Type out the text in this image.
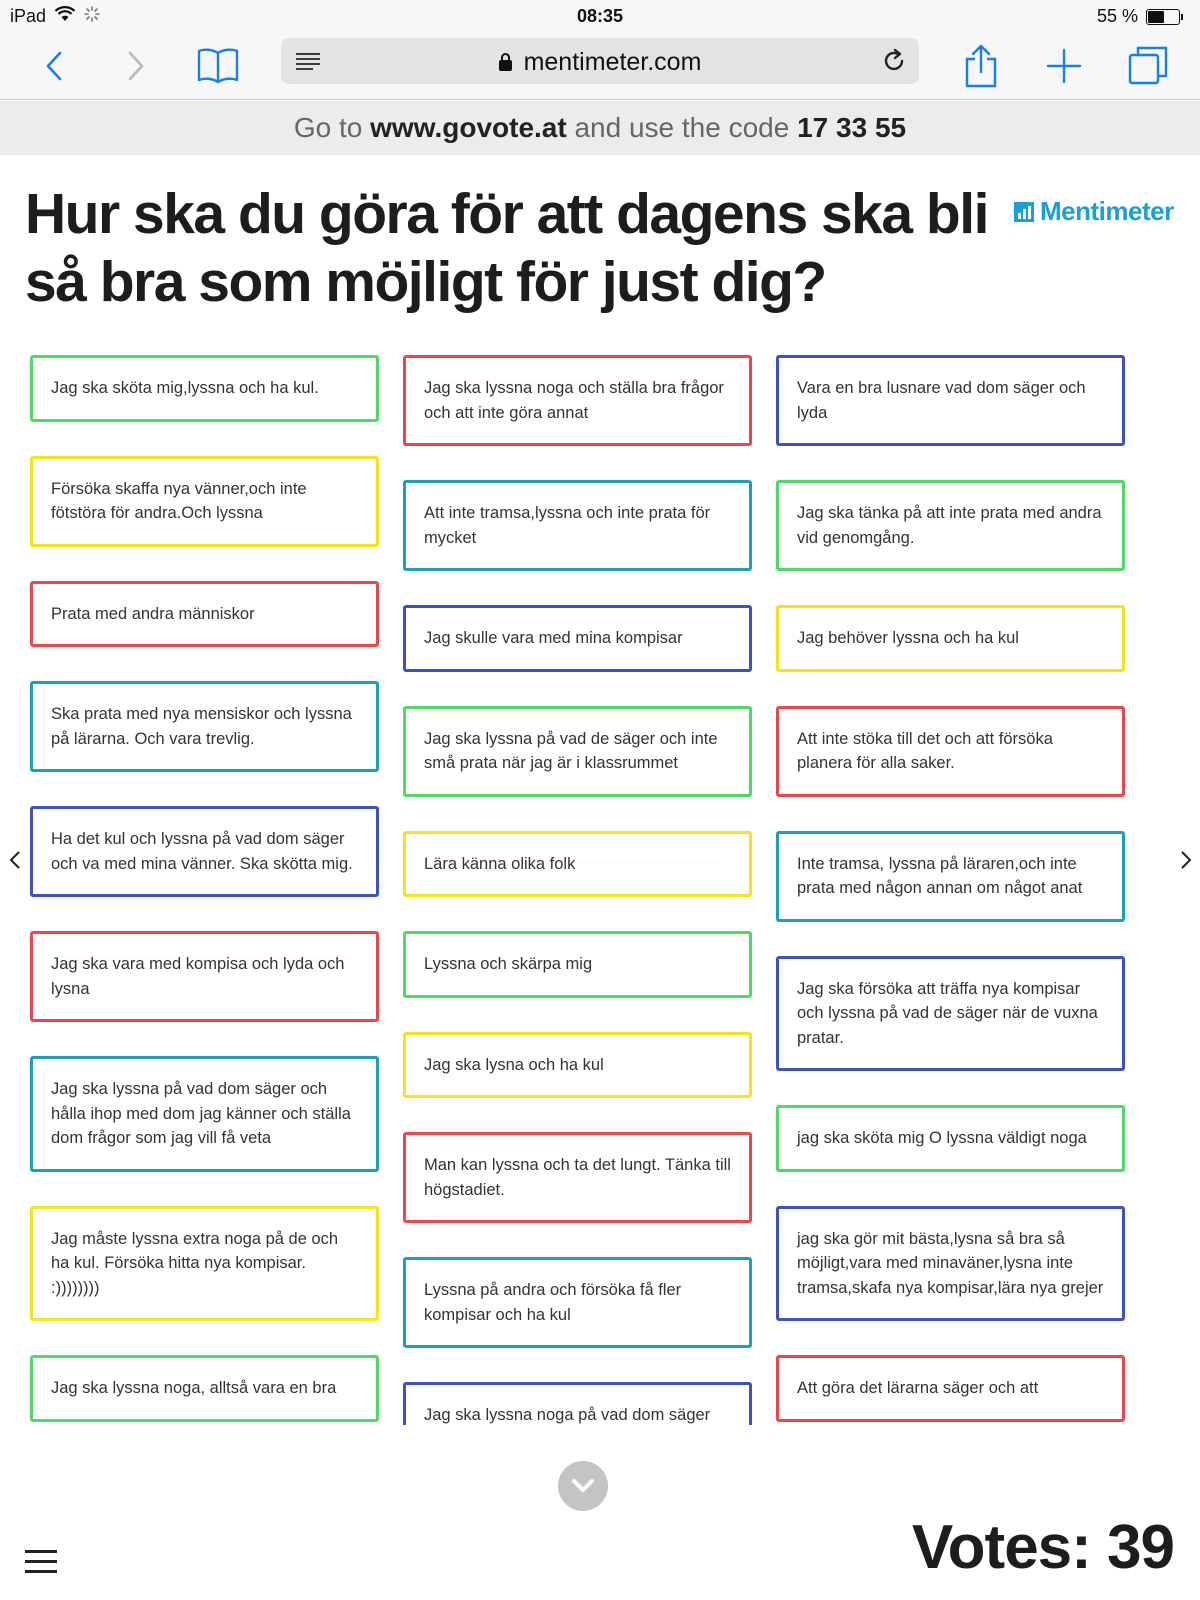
iPad	08:35	55 %
mentimeter.com
Go to www.govote.at and use the code 17 33 55
Hur ska du göra för att dagens ska bli så bra som möjligt för just dig?
Mentimeter
Jag ska sköta mig,lyssna och ha kul.
Försöka skaffa nya vänner,och inte fötstöra för andra.Och lyssna
Prata med andra människor
Ska prata med nya mensiskor och lyssna på lärarna. Och vara trevlig.
Ha det kul och lyssna på vad dom säger och va med mina vänner. Ska skötta mig.
Jag ska vara med kompisa och lyda och lysna
Jag ska lyssna på vad dom säger och hålla ihop med dom jag känner och ställa dom frågor som jag vill få veta
Jag måste lyssna extra noga på de och ha kul. Försöka hitta nya kompisar. :))))))))
Jag ska lyssna noga, alltså vara en bra
Jag ska lyssna noga och ställa bra frågor och att inte göra annat
Att inte tramsa,lyssna och inte prata för mycket
Jag skulle vara med mina kompisar
Jag ska lyssna på vad de säger och inte små prata när jag är i klassrummet
Lära känna olika folk
Lyssna och skärpa mig
Jag ska lysna och ha kul
Man kan lyssna och ta det lungt. Tänka till högstadiet.
Lyssna på andra och försöka få fler kompisar och ha kul
Jag ska lyssna noga på vad dom säger
Vara en bra lusnare vad dom säger och lyda
Jag ska tänka på att inte prata med andra vid genomgång.
Jag behöver lyssna och ha kul
Att inte stöka till det och att försöka planera för alla saker.
Inte tramsa, lyssna på läraren,och inte prata med någon annan om något anat
Jag ska försöka att träffa nya kompisar och lyssna på vad de säger när de vuxna pratar.
jag ska sköta mig O lyssna väldigt noga
jag ska gör mit bästa,lysna så bra så möjligt,vara med minaväner,lysna inte tramsa,skafa nya kompisar,lära nya grejer
Att göra det lärarna säger och att
Votes: 39
